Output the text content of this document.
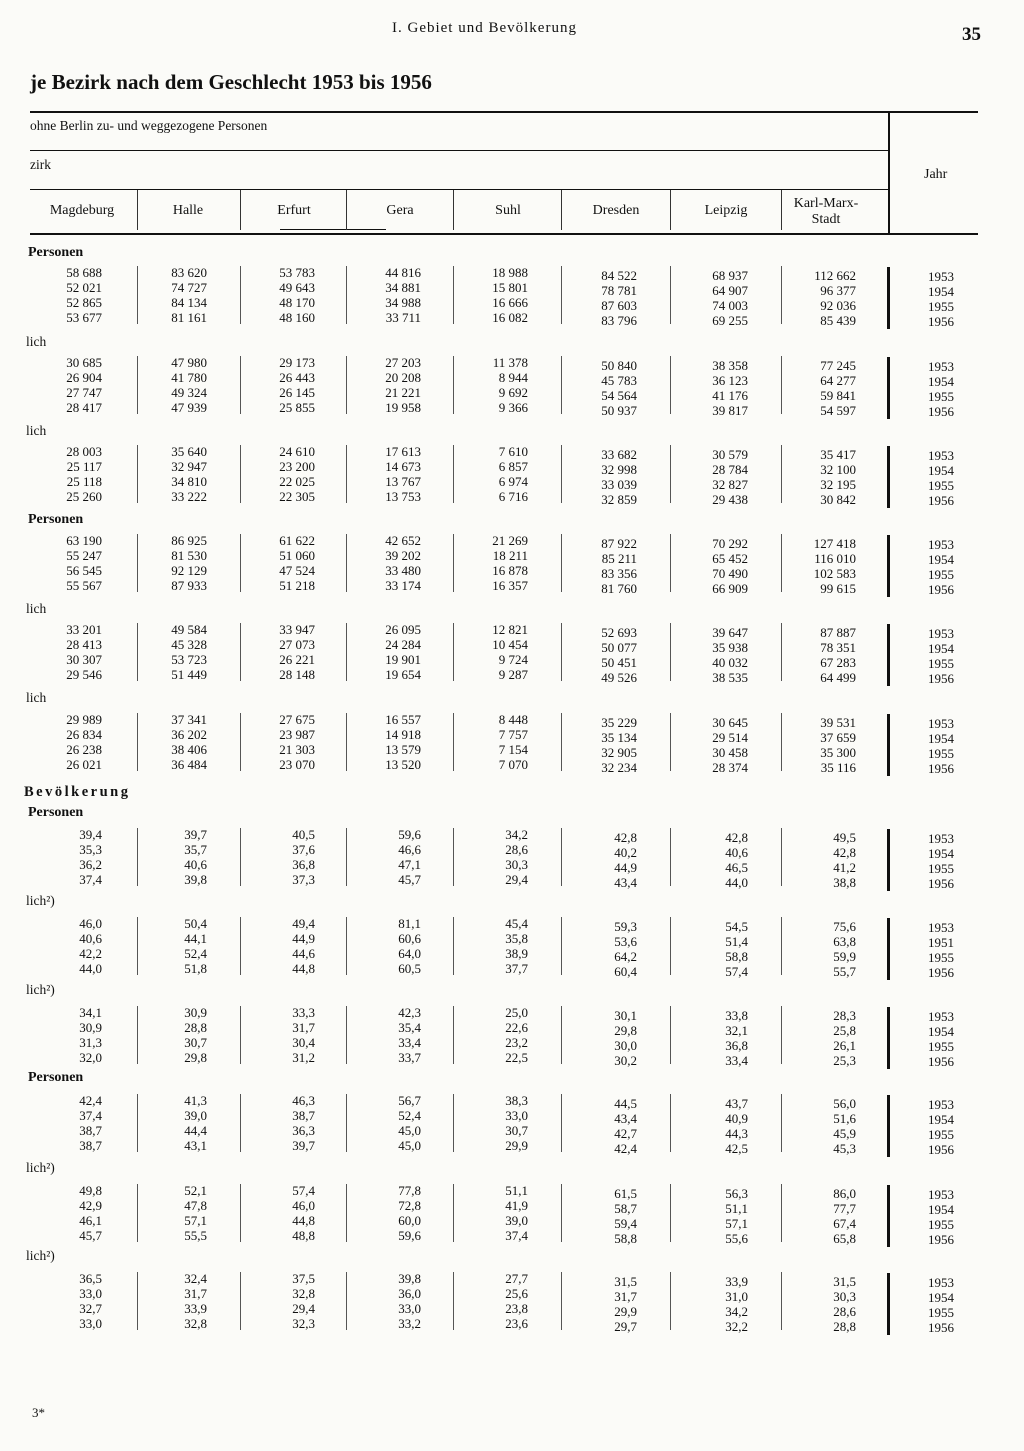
I. Gebiet und Bevölkerung	35
je Bezirk nach dem Geschlecht 1953 bis 1956
ohne Berlin zu- und weggezogene Personen
zirk
Jahr
Magdeburg	Halle	Erfurt	Gera	Suhl	Dresden	Leipzig	Karl-Marx-
Stadt
Personen
58 688	83 620	53 783	44 816	18 988	84 522	68 937	112 662	1953
52 021	74 727	49 643	34 881	15 801	78 781	64 907	96 377	1954
52 865	84 134	48 170	34 988	16 666	87 603	74 003	92 036	1955
53 677	81 161	48 160	33 711	16 082	83 796	69 255	85 439	1956
lich
30 685	47 980	29 173	27 203	11 378	50 840	38 358	77 245	1953
26 904	41 780	26 443	20 208	8 944	45 783	36 123	64 277	1954
27 747	49 324	26 145	21 221	9 692	54 564	41 176	59 841	1955
28 417	47 939	25 855	19 958	9 366	50 937	39 817	54 597	1956
lich
28 003	35 640	24 610	17 613	7 610	33 682	30 579	35 417	1953
25 117	32 947	23 200	14 673	6 857	32 998	28 784	32 100	1954
25 118	34 810	22 025	13 767	6 974	33 039	32 827	32 195	1955
25 260	33 222	22 305	13 753	6 716	32 859	29 438	30 842	1956
Personen
63 190	86 925	61 622	42 652	21 269	87 922	70 292	127 418	1953
55 247	81 530	51 060	39 202	18 211	85 211	65 452	116 010	1954
56 545	92 129	47 524	33 480	16 878	83 356	70 490	102 583	1955
55 567	87 933	51 218	33 174	16 357	81 760	66 909	99 615	1956
lich
33 201	49 584	33 947	26 095	12 821	52 693	39 647	87 887	1953
28 413	45 328	27 073	24 284	10 454	50 077	35 938	78 351	1954
30 307	53 723	26 221	19 901	9 724	50 451	40 032	67 283	1955
29 546	51 449	28 148	19 654	9 287	49 526	38 535	64 499	1956
lich
29 989	37 341	27 675	16 557	8 448	35 229	30 645	39 531	1953
26 834	36 202	23 987	14 918	7 757	35 134	29 514	37 659	1954
26 238	38 406	21 303	13 579	7 154	32 905	30 458	35 300	1955
26 021	36 484	23 070	13 520	7 070	32 234	28 374	35 116	1956
Personen
39,4	39,7	40,5	59,6	34,2	42,8	42,8	49,5	1953
35,3	35,7	37,6	46,6	28,6	40,2	40,6	42,8	1954
36,2	40,6	36,8	47,1	30,3	44,9	46,5	41,2	1955
37,4	39,8	37,3	45,7	29,4	43,4	44,0	38,8	1956
lich²)
46,0	50,4	49,4	81,1	45,4	59,3	54,5	75,6	1953
40,6	44,1	44,9	60,6	35,8	53,6	51,4	63,8	1951
42,2	52,4	44,6	64,0	38,9	64,2	58,8	59,9	1955
44,0	51,8	44,8	60,5	37,7	60,4	57,4	55,7	1956
lich²)
34,1	30,9	33,3	42,3	25,0	30,1	33,8	28,3	1953
30,9	28,8	31,7	35,4	22,6	29,8	32,1	25,8	1954
31,3	30,7	30,4	33,4	23,2	30,0	36,8	26,1	1955
32,0	29,8	31,2	33,7	22,5	30,2	33,4	25,3	1956
Personen
42,4	41,3	46,3	56,7	38,3	44,5	43,7	56,0	1953
37,4	39,0	38,7	52,4	33,0	43,4	40,9	51,6	1954
38,7	44,4	36,3	45,0	30,7	42,7	44,3	45,9	1955
38,7	43,1	39,7	45,0	29,9	42,4	42,5	45,3	1956
lich²)
49,8	52,1	57,4	77,8	51,1	61,5	56,3	86,0	1953
42,9	47,8	46,0	72,8	41,9	58,7	51,1	77,7	1954
46,1	57,1	44,8	60,0	39,0	59,4	57,1	67,4	1955
45,7	55,5	48,8	59,6	37,4	58,8	55,6	65,8	1956
lich²)
36,5	32,4	37,5	39,8	27,7	31,5	33,9	31,5	1953
33,0	31,7	32,8	36,0	25,6	31,7	31,0	30,3	1954
32,7	33,9	29,4	33,0	23,8	29,9	34,2	28,6	1955
33,0	32,8	32,3	33,2	23,6	29,7	32,2	28,8	1956
Bevölkerung
3*
